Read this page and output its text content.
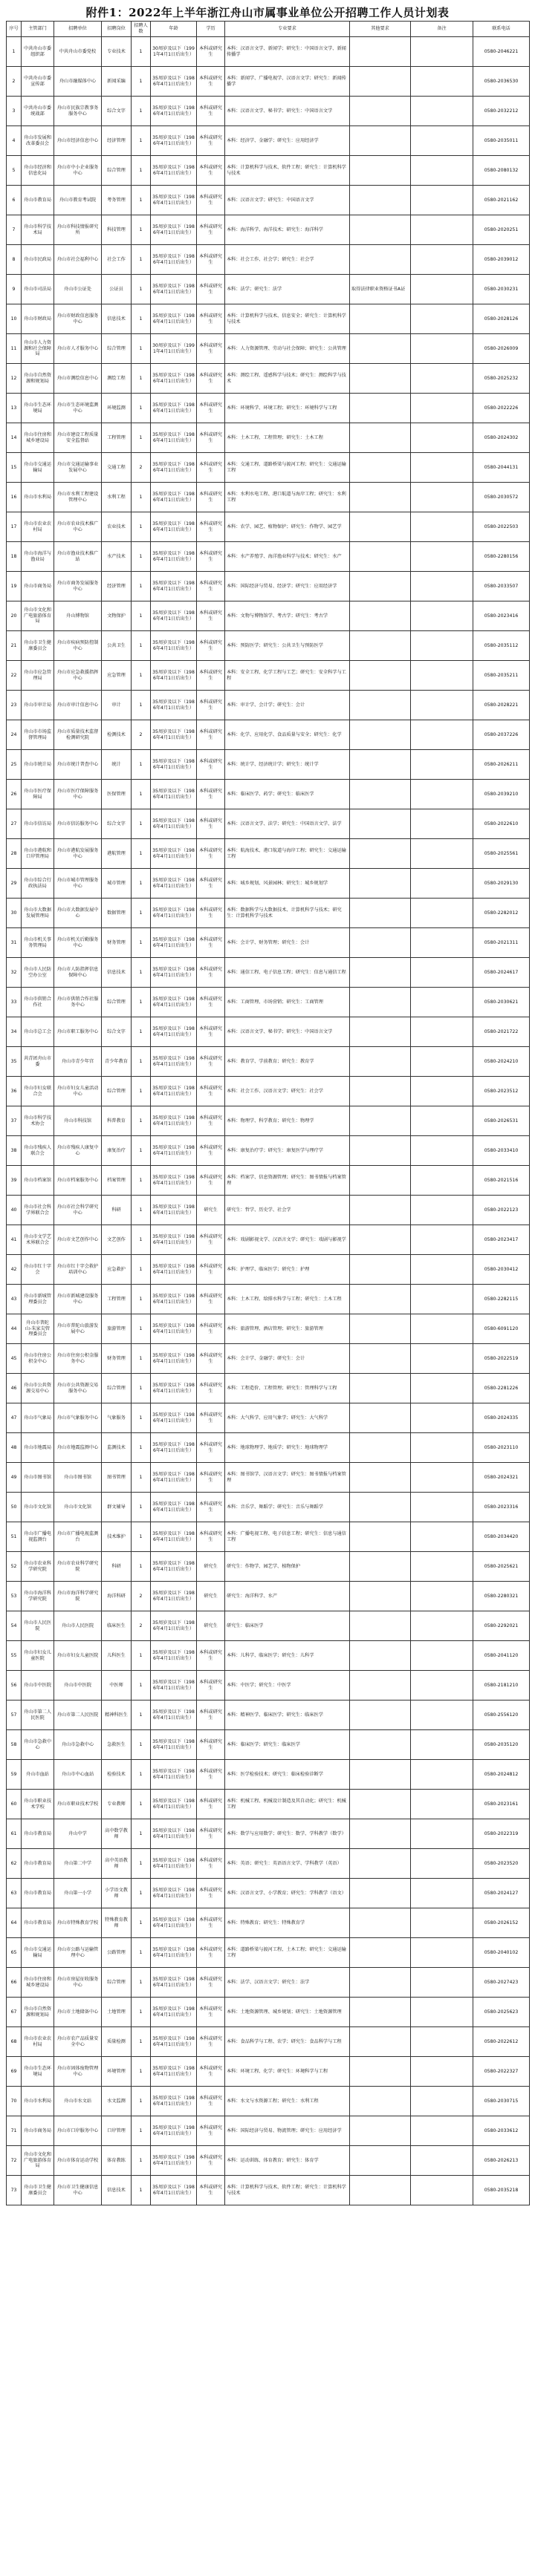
附件1：2022年上半年浙江舟山市属事业单位公开招聘工作人员计划表
序号	主管部门	招聘单位	招聘岗位	招聘人数	年龄	学历	专业要求	其他要求	备注	联系电话
1	中共舟山市委组织部	中共舟山市委党校	专业技术	1	30周岁及以下（1991年4月1日后出生）	本科或研究生	本科：汉语言文学、新闻学；研究生：中国语言文学、新闻传播学			0580-2046221
2	中共舟山市委宣传部	舟山市融媒体中心	新闻采编	1	35周岁及以下（1986年4月1日后出生）	本科或研究生	本科：新闻学、广播电视学、汉语言文学；研究生：新闻传播学			0580-2036530
3	中共舟山市委统战部	舟山市民族宗教事务服务中心	综合文字	1	35周岁及以下（1986年4月1日后出生）	本科或研究生	本科：汉语言文学、秘书学；研究生：中国语言文学			0580-2032212
4	舟山市发展和改革委员会	舟山市经济信息中心	经济管理	1	35周岁及以下（1986年4月1日后出生）	本科或研究生	本科：经济学、金融学；研究生：应用经济学			0580-2035011
5	舟山市经济和信息化局	舟山市中小企业服务中心	综合管理	1	35周岁及以下（1986年4月1日后出生）	本科或研究生	本科：计算机科学与技术、软件工程；研究生：计算机科学与技术			0580-2080132
6	舟山市教育局	舟山市教育考试院	考务管理	1	35周岁及以下（1986年4月1日后出生）	本科或研究生	本科：汉语言文学；研究生：中国语言文学			0580-2021162
7	舟山市科学技术局	舟山市科技情报研究所	科技管理	1	35周岁及以下（1986年4月1日后出生）	本科或研究生	本科：海洋科学、海洋技术；研究生：海洋科学			0580-2020251
8	舟山市民政局	舟山市社会福利中心	社会工作	1	35周岁及以下（1986年4月1日后出生）	本科或研究生	本科：社会工作、社会学；研究生：社会学			0580-2039012
9	舟山市司法局	舟山市公证处	公证员	1	35周岁及以下（1986年4月1日后出生）	本科或研究生	本科：法学；研究生：法学	取得法律职业资格证书A证		0580-2030231
10	舟山市财政局	舟山市财政信息服务中心	信息技术	1	35周岁及以下（1986年4月1日后出生）	本科或研究生	本科：计算机科学与技术、信息安全；研究生：计算机科学与技术			0580-2028126
11	舟山市人力资源和社会保障局	舟山市人才服务中心	综合管理	1	30周岁及以下（1991年4月1日后出生）	本科或研究生	本科：人力资源管理、劳动与社会保障；研究生：公共管理			0580-2026009
12	舟山市自然资源和规划局	舟山市测绘信息中心	测绘工程	1	35周岁及以下（1986年4月1日后出生）	本科或研究生	本科：测绘工程、遥感科学与技术；研究生：测绘科学与技术			0580-2025232
13	舟山市生态环境局	舟山市生态环境监测中心	环境监测	1	35周岁及以下（1986年4月1日后出生）	本科或研究生	本科：环境科学、环境工程；研究生：环境科学与工程			0580-2022226
14	舟山市住房和城乡建设局	舟山市建设工程质量安全监督站	工程管理	1	35周岁及以下（1986年4月1日后出生）	本科或研究生	本科：土木工程、工程管理；研究生：土木工程			0580-2024302
15	舟山市交通运输局	舟山市交通运输事业发展中心	交通工程	2	35周岁及以下（1986年4月1日后出生）	本科或研究生	本科：交通工程、道路桥梁与渡河工程；研究生：交通运输工程			0580-2044131
16	舟山市水利局	舟山市水利工程建设管理中心	水利工程	1	35周岁及以下（1986年4月1日后出生）	本科或研究生	本科：水利水电工程、港口航道与海岸工程；研究生：水利工程			0580-2030572
17	舟山市农业农村局	舟山市农业技术推广中心	农业技术	1	35周岁及以下（1986年4月1日后出生）	本科或研究生	本科：农学、园艺、植物保护；研究生：作物学、园艺学			0580-2022503
18	舟山市海洋与渔业局	舟山市渔业技术推广站	水产技术	1	35周岁及以下（1986年4月1日后出生）	本科或研究生	本科：水产养殖学、海洋渔业科学与技术；研究生：水产			0580-2280156
19	舟山市商务局	舟山市商务发展服务中心	经济管理	1	35周岁及以下（1986年4月1日后出生）	本科或研究生	本科：国际经济与贸易、经济学；研究生：应用经济学			0580-2033507
20	舟山市文化和广电旅游体育局	舟山博物馆	文物保护	1	35周岁及以下（1986年4月1日后出生）	本科或研究生	本科：文物与博物馆学、考古学；研究生：考古学			0580-2023416
21	舟山市卫生健康委员会	舟山市疾病预防控制中心	公共卫生	1	35周岁及以下（1986年4月1日后出生）	本科或研究生	本科：预防医学；研究生：公共卫生与预防医学			0580-2035112
22	舟山市应急管理局	舟山市应急救援指挥中心	应急管理	1	35周岁及以下（1986年4月1日后出生）	本科或研究生	本科：安全工程、化学工程与工艺；研究生：安全科学与工程			0580-2035211
23	舟山市审计局	舟山市审计信息中心	审计	1	35周岁及以下（1986年4月1日后出生）	本科或研究生	本科：审计学、会计学；研究生：会计			0580-2028221
24	舟山市市场监督管理局	舟山市质量技术监督检测研究院	检测技术	2	35周岁及以下（1986年4月1日后出生）	本科或研究生	本科：化学、应用化学、食品质量与安全；研究生：化学			0580-2037226
25	舟山市统计局	舟山市统计普查中心	统计	1	35周岁及以下（1986年4月1日后出生）	本科或研究生	本科：统计学、经济统计学；研究生：统计学			0580-2026211
26	舟山市医疗保障局	舟山市医疗保障服务中心	医保管理	1	35周岁及以下（1986年4月1日后出生）	本科或研究生	本科：临床医学、药学；研究生：临床医学			0580-2039210
27	舟山市信访局	舟山市信访服务中心	综合文字	1	35周岁及以下（1986年4月1日后出生）	本科或研究生	本科：汉语言文学、法学；研究生：中国语言文学、法学			0580-2022610
28	舟山市港航和口岸管理局	舟山市港航发展服务中心	港航管理	1	35周岁及以下（1986年4月1日后出生）	本科或研究生	本科：航海技术、港口航道与海岸工程；研究生：交通运输工程			0580-2025561
29	舟山市综合行政执法局	舟山市城市管理服务中心	城市管理	1	35周岁及以下（1986年4月1日后出生）	本科或研究生	本科：城乡规划、风景园林；研究生：城乡规划学			0580-2029130
30	舟山市大数据发展管理局	舟山市大数据发展中心	数据管理	1	35周岁及以下（1986年4月1日后出生）	本科或研究生	本科：数据科学与大数据技术、计算机科学与技术；研究生：计算机科学与技术			0580-2282012
31	舟山市机关事务管理局	舟山市机关后勤服务中心	财务管理	1	35周岁及以下（1986年4月1日后出生）	本科或研究生	本科：会计学、财务管理；研究生：会计			0580-2021311
32	舟山市人民防空办公室	舟山市人防指挥信息保障中心	信息技术	1	35周岁及以下（1986年4月1日后出生）	本科或研究生	本科：通信工程、电子信息工程；研究生：信息与通信工程			0580-2024617
33	舟山市供销合作社	舟山市供销合作社服务中心	综合管理	1	35周岁及以下（1986年4月1日后出生）	本科或研究生	本科：工商管理、市场营销；研究生：工商管理			0580-2030621
34	舟山市总工会	舟山市职工服务中心	综合文字	1	35周岁及以下（1986年4月1日后出生）	本科或研究生	本科：汉语言文学、秘书学；研究生：中国语言文学			0580-2021722
35	共青团舟山市委	舟山市青少年宫	青少年教育	1	35周岁及以下（1986年4月1日后出生）	本科或研究生	本科：教育学、学前教育；研究生：教育学			0580-2024210
36	舟山市妇女联合会	舟山市妇女儿童活动中心	综合管理	1	35周岁及以下（1986年4月1日后出生）	本科或研究生	本科：社会工作、汉语言文学；研究生：社会学			0580-2023512
37	舟山市科学技术协会	舟山市科技馆	科普教育	1	35周岁及以下（1986年4月1日后出生）	本科或研究生	本科：物理学、科学教育；研究生：物理学			0580-2026531
38	舟山市残疾人联合会	舟山市残疾人康复中心	康复治疗	1	35周岁及以下（1986年4月1日后出生）	本科或研究生	本科：康复治疗学；研究生：康复医学与理疗学			0580-2033410
39	舟山市档案馆	舟山市档案服务中心	档案管理	1	35周岁及以下（1986年4月1日后出生）	本科或研究生	本科：档案学、信息资源管理；研究生：图书情报与档案管理			0580-2021516
40	舟山市社会科学界联合会	舟山市社会科学研究中心	科研	1	35周岁及以下（1986年4月1日后出生）	研究生	研究生：哲学、历史学、社会学			0580-2022123
41	舟山市文学艺术界联合会	舟山市文艺创作中心	文艺创作	1	35周岁及以下（1986年4月1日后出生）	本科或研究生	本科：戏剧影视文学、汉语言文学；研究生：戏剧与影视学			0580-2023417
42	舟山市红十字会	舟山市红十字会救护培训中心	应急救护	1	35周岁及以下（1986年4月1日后出生）	本科或研究生	本科：护理学、临床医学；研究生：护理			0580-2030412
43	舟山市新城管理委员会	舟山市新城建设服务中心	工程管理	1	35周岁及以下（1986年4月1日后出生）	本科或研究生	本科：土木工程、给排水科学与工程；研究生：土木工程			0580-2282115
44	舟山市普陀山-朱家尖管理委员会	舟山市普陀山旅游发展中心	旅游管理	1	35周岁及以下（1986年4月1日后出生）	本科或研究生	本科：旅游管理、酒店管理；研究生：旅游管理			0580-6091120
45	舟山市住房公积金中心	舟山市住房公积金服务中心	财务管理	1	35周岁及以下（1986年4月1日后出生）	本科或研究生	本科：会计学、金融学；研究生：会计			0580-2022519
46	舟山市公共资源交易中心	舟山市公共资源交易服务中心	综合管理	1	35周岁及以下（1986年4月1日后出生）	本科或研究生	本科：工程造价、工程管理；研究生：管理科学与工程			0580-2281226
47	舟山市气象局	舟山市气象服务中心	气象服务	1	35周岁及以下（1986年4月1日后出生）	本科或研究生	本科：大气科学、应用气象学；研究生：大气科学			0580-2024335
48	舟山市地震局	舟山市地震监测中心	监测技术	1	35周岁及以下（1986年4月1日后出生）	本科或研究生	本科：地球物理学、地质学；研究生：地球物理学			0580-2023110
49	舟山市图书馆	舟山市图书馆	图书管理	1	35周岁及以下（1986年4月1日后出生）	本科或研究生	本科：图书馆学、汉语言文学；研究生：图书情报与档案管理			0580-2024321
50	舟山市文化馆	舟山市文化馆	群文辅导	1	35周岁及以下（1986年4月1日后出生）	本科或研究生	本科：音乐学、舞蹈学；研究生：音乐与舞蹈学			0580-2023316
51	舟山市广播电视监测台	舟山市广播电视监测台	技术维护	1	35周岁及以下（1986年4月1日后出生）	本科或研究生	本科：广播电视工程、电子信息工程；研究生：信息与通信工程			0580-2034420
52	舟山市农业科学研究院	舟山市农业科学研究院	科研	1	35周岁及以下（1986年4月1日后出生）	研究生	研究生：作物学、园艺学、植物保护			0580-2025621
53	舟山市海洋科学研究院	舟山市海洋科学研究院	海洋科研	2	35周岁及以下（1986年4月1日后出生）	研究生	研究生：海洋科学、水产			0580-2280321
54	舟山市人民医院	舟山市人民医院	临床医生	2	35周岁及以下（1986年4月1日后出生）	研究生	研究生：临床医学			0580-2292021
55	舟山市妇女儿童医院	舟山市妇女儿童医院	儿科医生	1	35周岁及以下（1986年4月1日后出生）	本科或研究生	本科：儿科学、临床医学；研究生：儿科学			0580-2041120
56	舟山市中医院	舟山市中医院	中医师	1	35周岁及以下（1986年4月1日后出生）	本科或研究生	本科：中医学；研究生：中医学			0580-2181210
57	舟山市第二人民医院	舟山市第二人民医院	精神科医生	1	35周岁及以下（1986年4月1日后出生）	本科或研究生	本科：精神医学、临床医学；研究生：临床医学			0580-2556120
58	舟山市急救中心	舟山市急救中心	急救医生	1	35周岁及以下（1986年4月1日后出生）	本科或研究生	本科：临床医学；研究生：临床医学			0580-2035120
59	舟山市血站	舟山市中心血站	检验技术	1	35周岁及以下（1986年4月1日后出生）	本科或研究生	本科：医学检验技术；研究生：临床检验诊断学			0580-2024812
60	舟山市职业技术学校	舟山市职业技术学校	专业教师	1	35周岁及以下（1986年4月1日后出生）	本科或研究生	本科：机械工程、机械设计制造及其自动化；研究生：机械工程			0580-2023161
61	舟山市教育局	舟山中学	高中数学教师	1	35周岁及以下（1986年4月1日后出生）	本科或研究生	本科：数学与应用数学；研究生：数学、学科教学（数学）			0580-2022319
62	舟山市教育局	舟山第二中学	高中英语教师	1	35周岁及以下（1986年4月1日后出生）	本科或研究生	本科：英语；研究生：英语语言文学、学科教学（英语）			0580-2023520
63	舟山市教育局	舟山第一小学	小学语文教师	1	35周岁及以下（1986年4月1日后出生）	本科或研究生	本科：汉语言文学、小学教育；研究生：学科教学（语文）			0580-2024127
64	舟山市教育局	舟山市特殊教育学校	特殊教育教师	1	35周岁及以下（1986年4月1日后出生）	本科或研究生	本科：特殊教育；研究生：特殊教育学			0580-2026152
65	舟山市交通运输局	舟山市公路与运输管理中心	公路管理	1	35周岁及以下（1986年4月1日后出生）	本科或研究生	本科：道路桥梁与渡河工程、土木工程；研究生：交通运输工程			0580-2040102
66	舟山市住房和城乡建设局	舟山市房屋征收服务中心	综合管理	1	35周岁及以下（1986年4月1日后出生）	本科或研究生	本科：法学、汉语言文学；研究生：法学			0580-2027423
67	舟山市自然资源和规划局	舟山市土地储备中心	土地管理	1	35周岁及以下（1986年4月1日后出生）	本科或研究生	本科：土地资源管理、城乡规划；研究生：土地资源管理			0580-2025623
68	舟山市农业农村局	舟山市农产品质量安全中心	质量检测	1	35周岁及以下（1986年4月1日后出生）	本科或研究生	本科：食品科学与工程、农学；研究生：食品科学与工程			0580-2022612
69	舟山市生态环境局	舟山市固体废物管理中心	环境管理	1	35周岁及以下（1986年4月1日后出生）	本科或研究生	本科：环境工程、化学；研究生：环境科学与工程			0580-2022327
70	舟山市水利局	舟山市水文站	水文监测	1	35周岁及以下（1986年4月1日后出生）	本科或研究生	本科：水文与水资源工程；研究生：水利工程			0580-2030715
71	舟山市商务局	舟山市口岸服务中心	口岸管理	1	35周岁及以下（1986年4月1日后出生）	本科或研究生	本科：国际经济与贸易、物流管理；研究生：应用经济学			0580-2033612
72	舟山市文化和广电旅游体育局	舟山市体育运动学校	体育教练	1	35周岁及以下（1986年4月1日后出生）	本科或研究生	本科：运动训练、体育教育；研究生：体育学			0580-2026213
73	舟山市卫生健康委员会	舟山市卫生健康信息中心	信息技术	1	35周岁及以下（1986年4月1日后出生）	本科或研究生	本科：计算机科学与技术、软件工程；研究生：计算机科学与技术			0580-2035218
